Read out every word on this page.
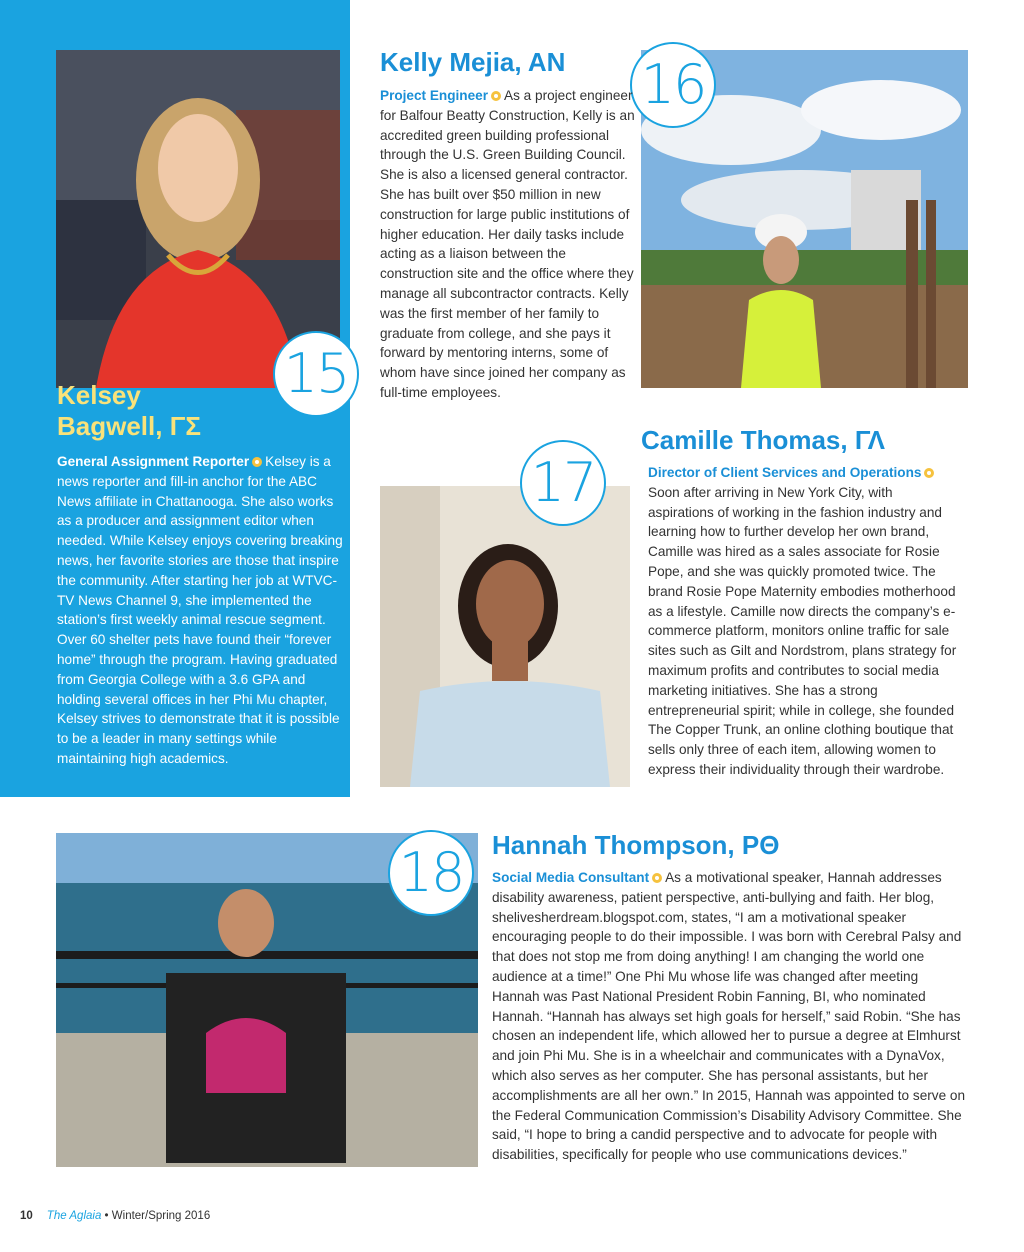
15
16
17
18
Kelsey
Bagwell, ΓΣ

General Assignment Reporter Kelsey is a news reporter and fill-in anchor for the ABC News affiliate in Chattanooga. She also works as a producer and assignment editor when needed. While Kelsey enjoys covering breaking news, her favorite stories are those that inspire the community. After starting her job at WTVC-TV News Channel 9, she implemented the station’s first weekly animal rescue segment. Over 60 shelter pets have found their “forever home” through the program. Having graduated from Georgia College with a 3.6 GPA and holding several offices in her Phi Mu chapter, Kelsey strives to demonstrate that it is possible to be a leader in many settings while maintaining high academics.

Kelly Mejia, AN

Project Engineer As a project engineer for Balfour Beatty Construction, Kelly is an accredited green building professional through the U.S. Green Building Council. She is also a licensed general contractor. She has built over $50 million in new construction for large public institutions of higher education. Her daily tasks include acting as a liaison between the construction site and the office where they manage all subcontractor contracts. Kelly was the first member of her family to graduate from college, and she pays it forward by mentoring interns, some of whom have since joined her company as full-time employees.

Camille Thomas, ΓΛ

Director of Client Services and OperationsSoon after arriving in New York City, with aspirations of working in the fashion industry and learning how to further develop her own brand, Camille was hired as a sales associate for Rosie Pope, and she was quickly promoted twice. The brand Rosie Pope Maternity embodies motherhood as a lifestyle. Camille now directs the company’s e-commerce platform, monitors online traffic for sale sites such as Gilt and Nordstrom, plans strategy for maximum profits and contributes to social media marketing initiatives. She has a strong entrepreneurial spirit; while in college, she founded The Copper Trunk, an online clothing boutique that sells only three of each item, allowing women to express their individuality through their wardrobe.

Hannah Thompson, PΘ

Social Media Consultant As a motivational speaker, Hannah addresses disability awareness, patient perspective, anti-bullying and faith. Her blog, shelivesherdream.blogspot.com, states, “I am a motivational speaker encouraging people to do their impossible. I was born with Cerebral Palsy and that does not stop me from doing anything! I am changing the world one audience at a time!” One Phi Mu whose life was changed after meeting Hannah was Past National President Robin Fanning, BI, who nominated Hannah. “Hannah has always set high goals for herself,” said Robin. “She has chosen an independent life, which allowed her to pursue a degree at Elmhurst and join Phi Mu. She is in a wheelchair and communicates with a DynaVox, which also serves as her computer. She has personal assistants, but her accomplishments are all her own.” In 2015, Hannah was appointed to serve on the Federal Communication Commission’s Disability Advisory Committee. She said, “I hope to bring a candid perspective and to advocate for people with disabilities, specifically for people who use communications devices.”

10 The Aglaia • Winter/Spring 2016
